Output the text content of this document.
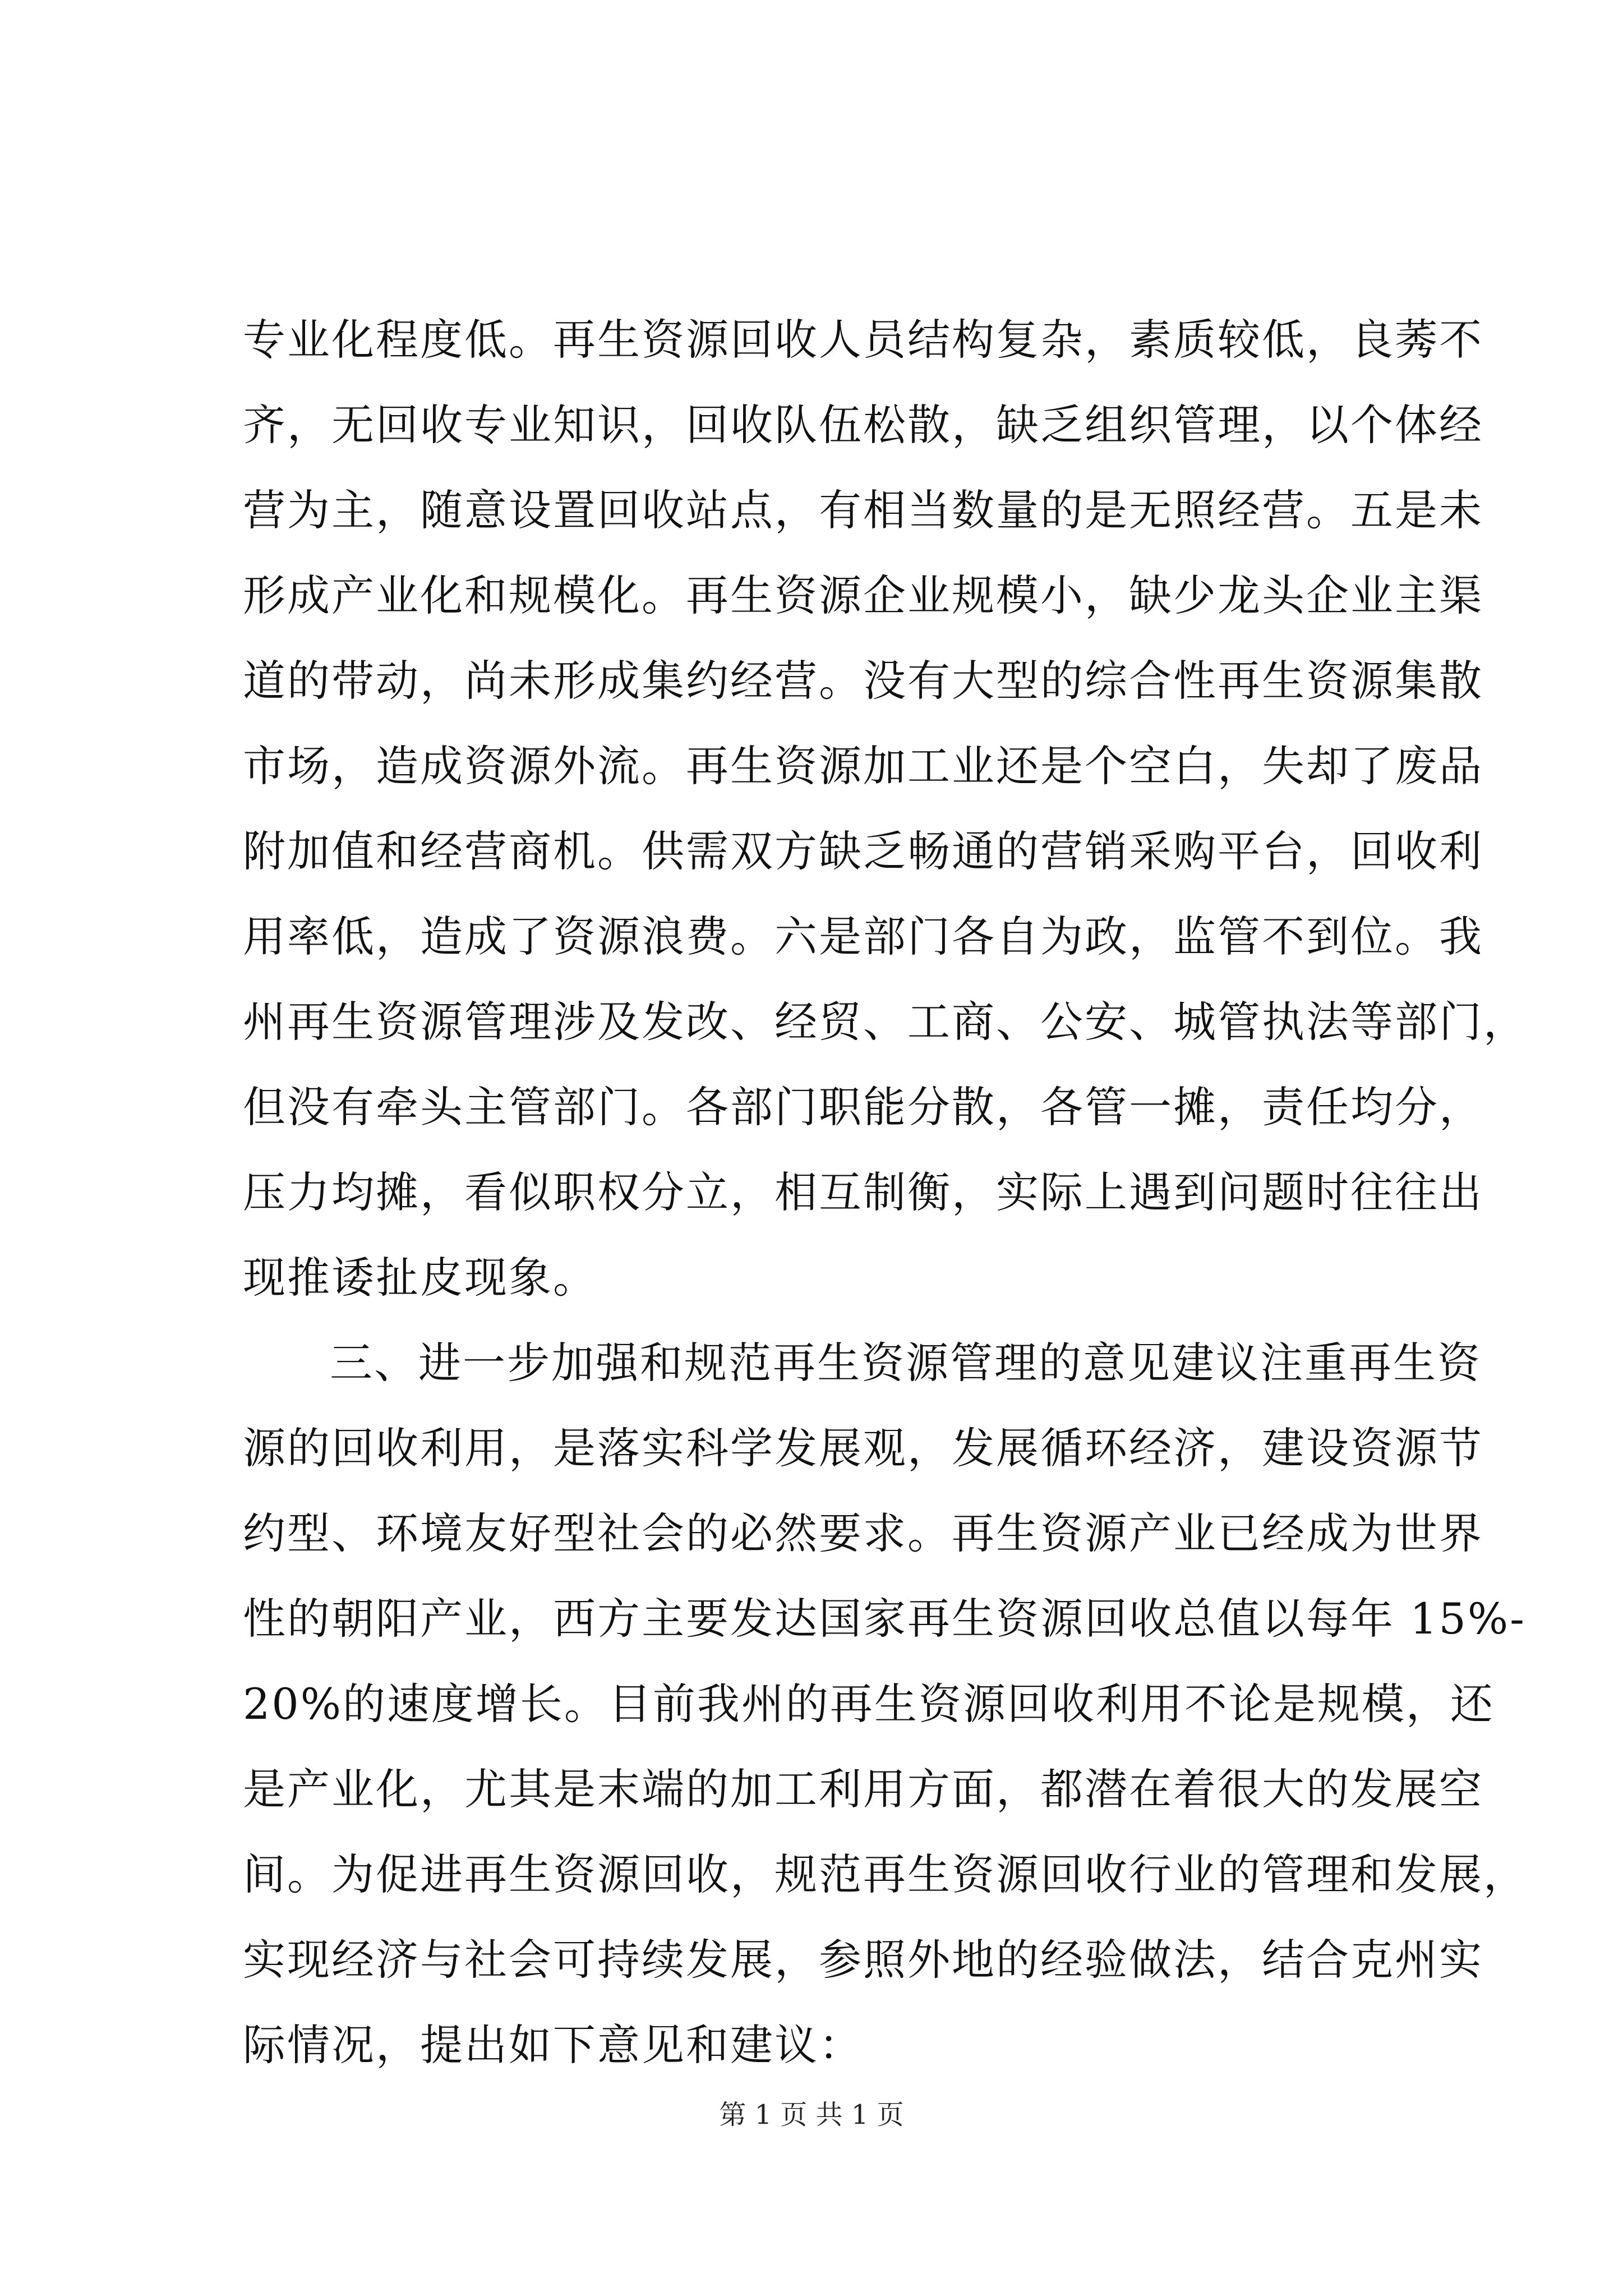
专业化程度低。再生资源回收人员结构复杂，素质较低，良莠不
齐，无回收专业知识，回收队伍松散，缺乏组织管理，以个体经
营为主，随意设置回收站点，有相当数量的是无照经营。五是未
形成产业化和规模化。再生资源企业规模小，缺少龙头企业主渠
道的带动，尚未形成集约经营。没有大型的综合性再生资源集散
市场，造成资源外流。再生资源加工业还是个空白，失却了废品
附加值和经营商机。供需双方缺乏畅通的营销采购平台，回收利
用率低，造成了资源浪费。六是部门各自为政，监管不到位。我
州再生资源管理涉及发改、经贸、工商、公安、城管执法等部门，
但没有牵头主管部门。各部门职能分散，各管一摊，责任均分，
压力均摊，看似职权分立，相互制衡，实际上遇到问题时往往出
现推诿扯皮现象。
三、进一步加强和规范再生资源管理的意见建议注重再生资
源的回收利用，是落实科学发展观，发展循环经济，建设资源节
约型、环境友好型社会的必然要求。再生资源产业已经成为世界
性的朝阳产业，西方主要发达国家再生资源回收总值以每年 15%-
20%的速度增长。目前我州的再生资源回收利用不论是规模，还
是产业化，尤其是末端的加工利用方面，都潜在着很大的发展空
间。为促进再生资源回收，规范再生资源回收行业的管理和发展，
实现经济与社会可持续发展，参照外地的经验做法，结合克州实
际情况，提出如下意见和建议：
第 1 页 共 1 页
